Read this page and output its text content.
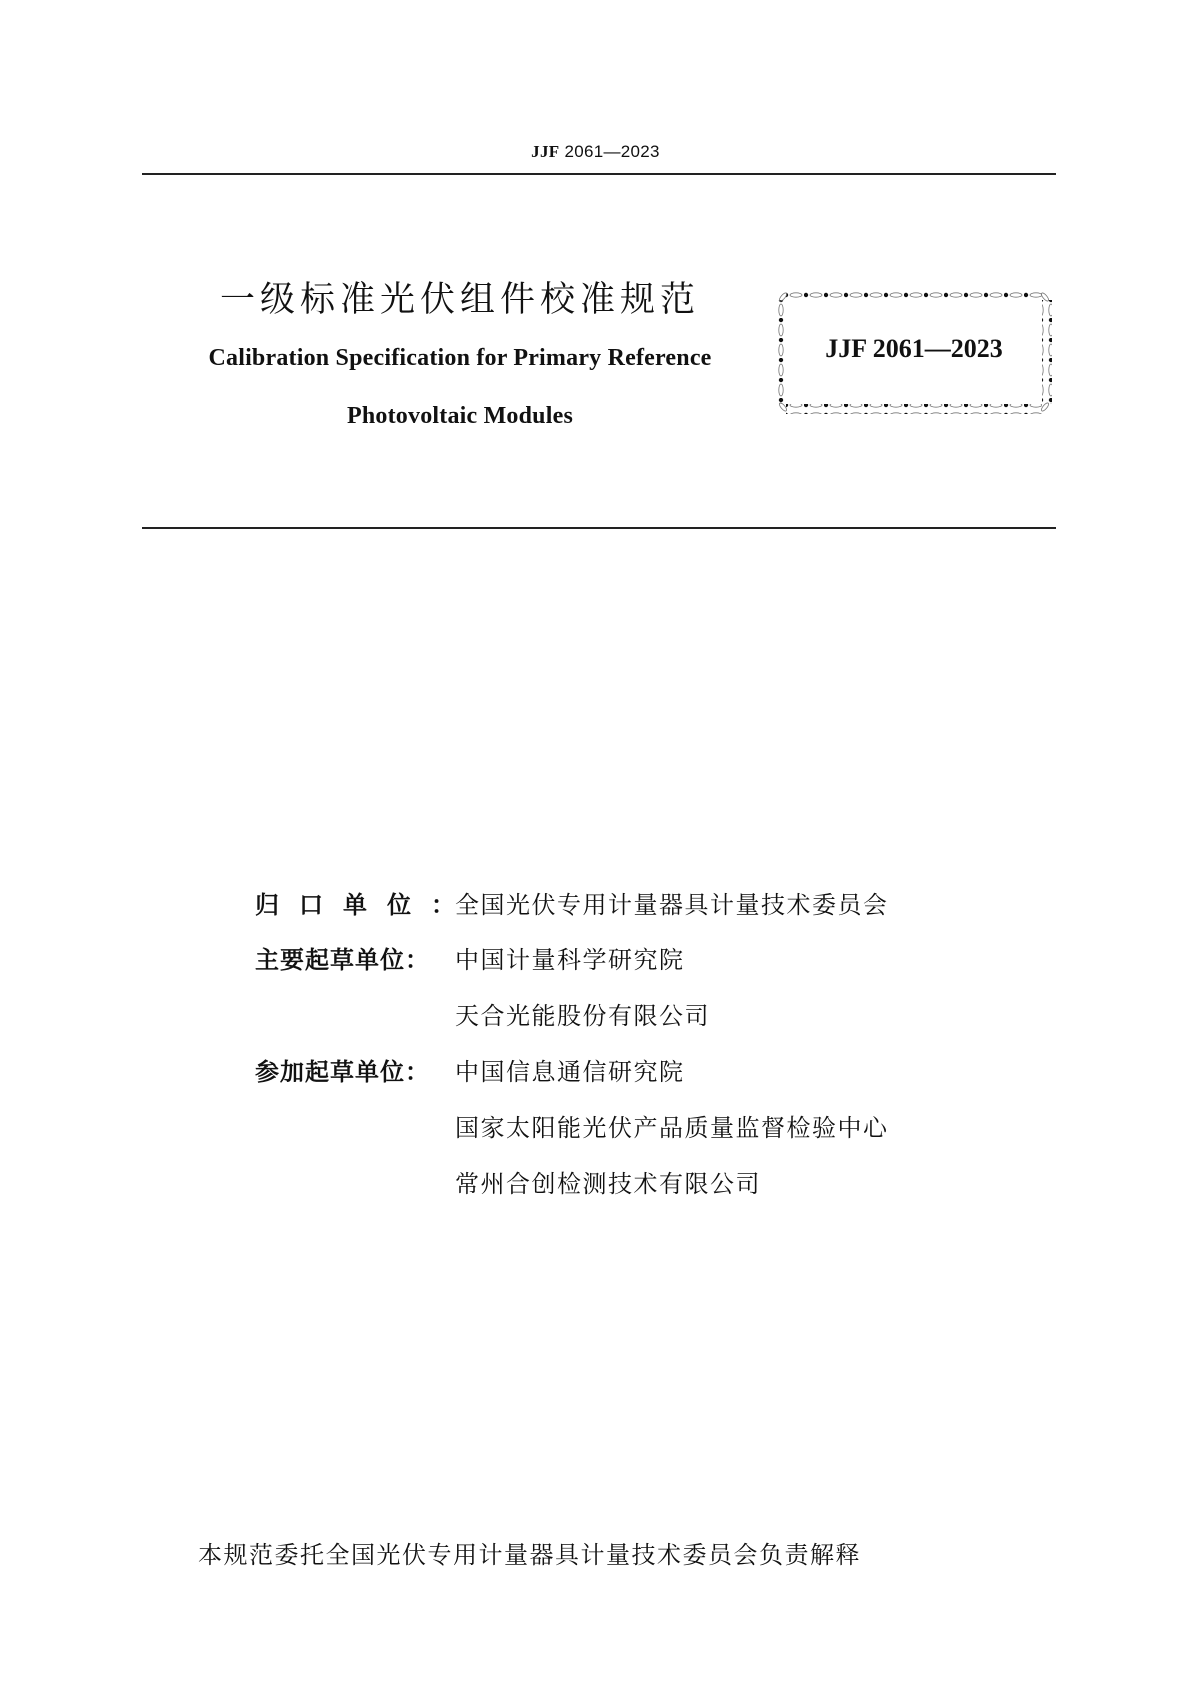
JJF 2061—2023
一级标准光伏组件校准规范
Calibration Specification for Primary Reference
Photovoltaic Modules
JJF 2061—2023
归口单位：
全国光伏专用计量器具计量技术委员会
主要起草单位：	中国计量科学研究院
天合光能股份有限公司
参加起草单位：	中国信息通信研究院
国家太阳能光伏产品质量监督检验中心
常州合创检测技术有限公司
本规范委托全国光伏专用计量器具计量技术委员会负责解释
